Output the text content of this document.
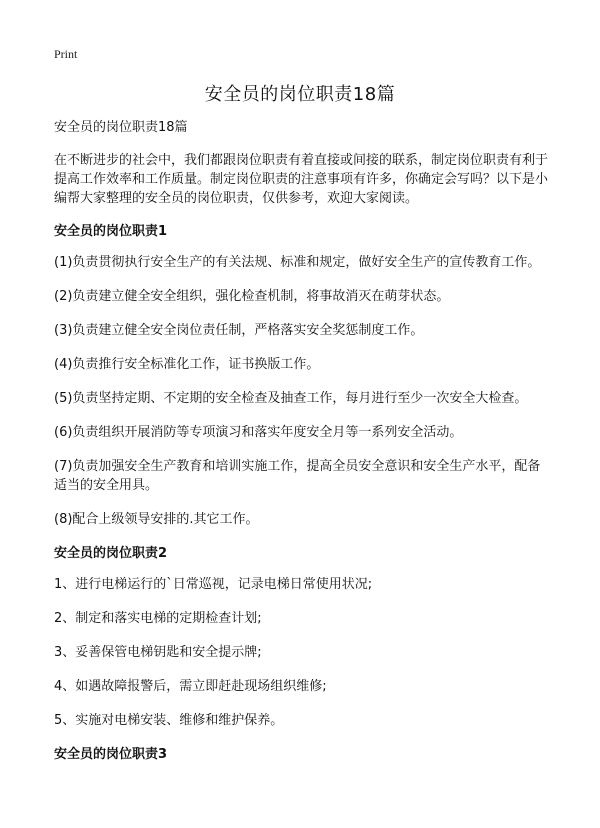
Print
安全员的岗位职责18篇

安全员的岗位职责18篇

在不断进步的社会中，我们都跟岗位职责有着直接或间接的联系，制定岗位职责有利于提高工作效率和工作质量。制定岗位职责的注意事项有许多，你确定会写吗？以下是小编帮大家整理的安全员的岗位职责，仅供参考，欢迎大家阅读。

安全员的岗位职责1

(1)负责贯彻执行安全生产的有关法规、标准和规定，做好安全生产的宣传教育工作。

(2)负责建立健全安全组织，强化检查机制，将事故消灭在萌芽状态。

(3)负责建立健全安全岗位责任制，严格落实安全奖惩制度工作。

(4)负责推行安全标准化工作，证书换版工作。

(5)负责坚持定期、不定期的安全检查及抽查工作，每月进行至少一次安全大检查。

(6)负责组织开展消防等专项演习和落实年度安全月等一系列安全活动。

(7)负责加强安全生产教育和培训实施工作，提高全员安全意识和安全生产水平，配备适当的安全用具。

(8)配合上级领导安排的.其它工作。

安全员的岗位职责2

1、进行电梯运行的`日常巡视，记录电梯日常使用状况;

2、制定和落实电梯的定期检查计划;

3、妥善保管电梯钥匙和安全提示牌;

4、如遇故障报警后，需立即赶赴现场组织维修;

5、实施对电梯安装、维修和维护保养。

安全员的岗位职责3
